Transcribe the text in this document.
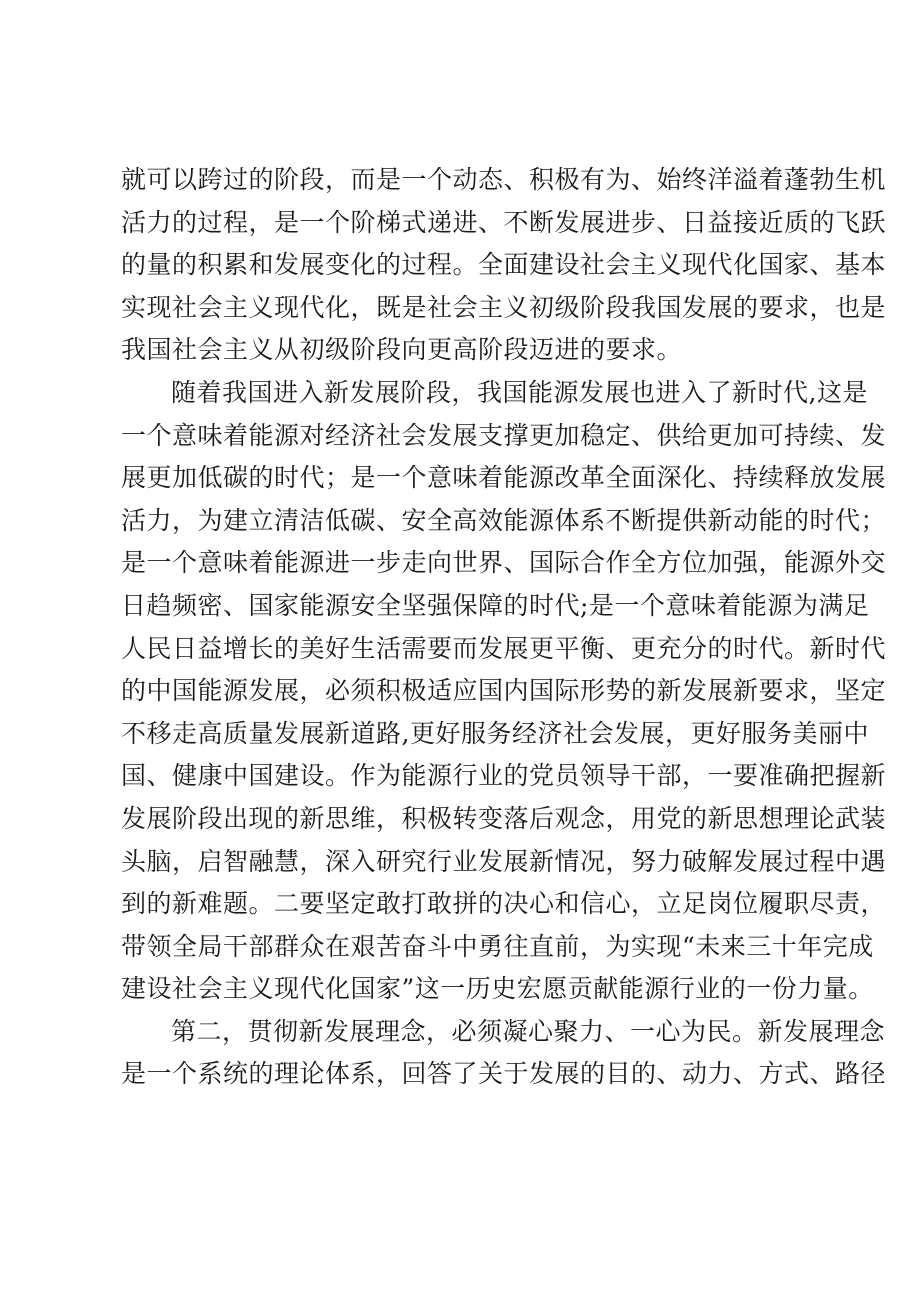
就可以跨过的阶段，而是一个动态、积极有为、始终洋溢着蓬勃生机
活力的过程，是一个阶梯式递进、不断发展进步、日益接近质的飞跃
的量的积累和发展变化的过程。全面建设社会主义现代化国家、基本
实现社会主义现代化，既是社会主义初级阶段我国发展的要求，也是
我国社会主义从初级阶段向更高阶段迈进的要求。
随着我国进入新发展阶段，我国能源发展也进入了新时代,这是
一个意味着能源对经济社会发展支撑更加稳定、供给更加可持续、发
展更加低碳的时代；是一个意味着能源改革全面深化、持续释放发展
活力，为建立清洁低碳、安全高效能源体系不断提供新动能的时代；
是一个意味着能源进一步走向世界、国际合作全方位加强，能源外交
日趋频密、国家能源安全坚强保障的时代;是一个意味着能源为满足
人民日益增长的美好生活需要而发展更平衡、更充分的时代。新时代
的中国能源发展，必须积极适应国内国际形势的新发展新要求，坚定
不移走高质量发展新道路,更好服务经济社会发展，更好服务美丽中
国、健康中国建设。作为能源行业的党员领导干部，一要准确把握新
发展阶段出现的新思维，积极转变落后观念，用党的新思想理论武装
头脑，启智融慧，深入研究行业发展新情况，努力破解发展过程中遇
到的新难题。二要坚定敢打敢拼的决心和信心，立足岗位履职尽责，
带领全局干部群众在艰苦奋斗中勇往直前，为实现“未来三十年完成
建设社会主义现代化国家”这一历史宏愿贡献能源行业的一份力量。
第二，贯彻新发展理念，必须凝心聚力、一心为民。新发展理念
是一个系统的理论体系，回答了关于发展的目的、动力、方式、路径
